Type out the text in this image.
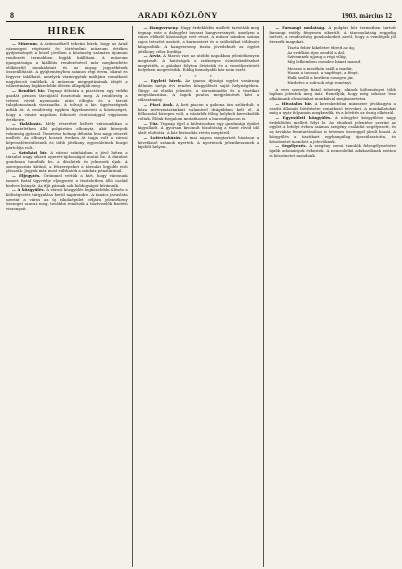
8	ARADI KÖZLÖNY	1903. március 12
HÍREK

— Múzeum. A számszékről tehetni hírek, hogy az Arad vármegyei régészeti és történelmi múzeum értékes gyűjteményét a közel jövőben a közönség számára újonnan rendezett termekben fogják kiállítani. A múzeum igazgatósága a kiállítás rendezésével már megkezdette előkészítő munkálatait és az anyag jegyzékének összeállítását. A gyűjteményben számos régi érem, okirat és fegyver található, amelyek vármegyénk múltjára vonatkozó nagybecsű emlékek. A múzeum megnyitásának idejét a választmány legközelebbi ülésén állapítják meg.

— Rendőri hír. Tegnap délután a piactéren egy vidéki gazdát pénzes tárcájától fosztottak meg. A rendőrség a tettest rövid nyomozás után elfogta és a tárcát tulajdonosának visszaadta. A tolvajt a kir. ügyészségnek adták át. A rendőrség egyben figyelmezteti a közönséget, hogy a vásári napokon fokozott óvatossággal vigyázzon értékeire.

— Halálozás. Mély részvétet keltett városunkban a köztiszteletben álló polgártárs elhunyta, akit kiterjedt rokonság gyászol. Temetése holnap délután lesz nagy részvét mellett. Az elhunyt hosszú éveken át tagja volt a városi képviselőtestületnek és több jótékony egyesületnek buzgó pártolója volt.

— Színházi hír. A városi színházban a jövő héten a társulat nagy sikerű operett-újdonságot mutat be. A darabot gondosan tanulták be, a díszletek és jelmezek újak. A szereposztás kitűnő, a főszerepeket a társulat legjobb erői játsszák. Jegyek már most válthatók a színház pénztáránál.

— Eljegyzés. Örömmel vettük a hírt, hogy városunk ismert fiatal ügyvédje eljegyezte a tiszteletben álló család kedves leányát. Az ifjú párnak sok boldogságot kívánunk.

— A közgyűlés. A városi közgyűlés legközelebbi ülésén a költségvetés tárgyalása kerül napirendre. A tanács javaslata szerint a város az új iskolaépület céljára jelentékeny összeget szavaz meg, továbbá rendezik a tisztviselők fizetési viszonyait.

— Hangverseny. Nagy érdeklődés mellett tartották meg tegnap este a dalegylet tavaszi hangversenyét, amelyen a város előkelő közönsége vett részt. A műsor minden száma zajos tetszést aratott, a karmestert és a szólistákat többször kitapsolták. A hangverseny tiszta jövedelmét az egylet jótékony célra fordítja.

— Árvíz. A Maros vize az utóbbi napokban jelentékenyen megáradt. A hatóságok a szükséges óvintézkedéseket megtették, a gátakat folyton őriztetik és a veszélyeztetett helyeken megerősítik. Eddig komolyabb kár nem esett.

* * *

— Egyleti hírek. Az iparos ifjúsági egylet vasárnap délután tartja évi rendes közgyűlését saját helyiségében. Tárgy: az elnöki jelentés, a zárszámadás és a tisztikar megválasztása. A tagok pontos megjelenését kéri a választmány.

— Piaci árak. A heti piacon a gabona ára szilárdult, a búza métermázsánkint valamivel drágábban kelt el. A felhozatal közepes volt, a vásárlók főleg helybeli kereskedők voltak. Élénk forgalom mutatkozott a baromfipiacon is.

— Tűz. Tegnap éjjel a külvárosban egy gazdasági épület kigyulladt. A gyorsan kivonult tűzoltóság a tüzet rövid idő alatt eloltotta. A kár biztosítás révén megtérül.

— Lotteriahúzás. A mai napon megtartott húzáson a következő számok nyertek. A nyertesek jelentkezzenek a kijelölt helyen.

— Farsangi mulatság. A polgári kör termeiben tartott farsangi estély fényesen sikerült. A táncmulatság reggelig tartott, a rendezőség gondoskodott arról, hogy a vendégek jól érezzék magukat.

Tiszta fehér kikeletre ébred az ág,
Az erdőkön újra zendül a dal,
Szívemnek ujjong a régi világ,
Míg lelkemben csendes bánat marad.
Messze a mezőkön száll a madár,
Hozza a tavaszt, a napfényt, a fényt,
Halk szellő a kertben susogva jár,
Hirdetve a sok-sok régi reményt.

A vers szerzője fiatal tehetség, akinek költeményei több lapban jelentek meg már. Reméljük, hogy még sokszor lesz alkalmunk olvasóinkat munkáival megismertetni.

— Hivatalos hír. A kereskedelmi miniszter jóváhagyta a vasúti állomás bővítésére vonatkozó terveket. A munkálatokat még a nyár folyamán megkezdik, és a bővítés az őszig elkészül.

— Egyesületi közgyűlés. A nőegylet közgyűlése nagy érdeklődés mellett folyt le. Az elnöknő jelentése szerint az egylet a lefolyt évben számos szegény családot segélyezett, és az árvaház fenntartásához is tetemes összeggel járult hozzá. A közgyűlés a tisztikart egyhangúlag újraválasztotta, és köszönetet mondott a jótevőknek.

— Segélyezés. A szegény sorsú tanulók felsegélyezésére újabb adományok érkeztek. A nemeslelkű adakozóknak ezúton is köszönetet mondunk.
